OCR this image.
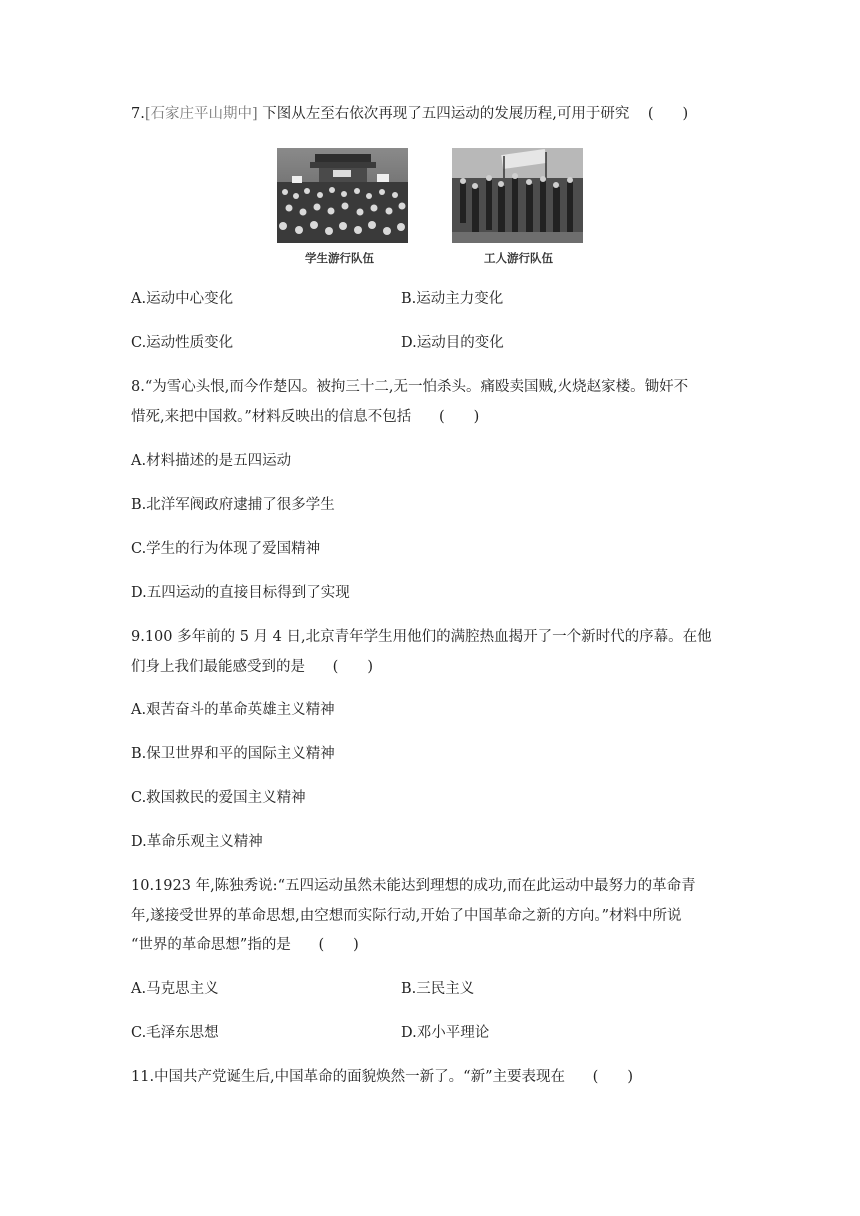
7.[石家庄平山期中] 下图从左至右依次再现了五四运动的发展历程,可用于研究 (　　)
学生游行队伍	工人游行队伍
A.运动中心变化	B.运动主力变化
C.运动性质变化	D.运动目的变化
8.“为雪心头恨,而今作楚囚。被拘三十二,无一怕杀头。痛殴卖国贼,火烧赵家楼。锄奸不
惜死,来把中国救。”材料反映出的信息不包括 (　　)
A.材料描述的是五四运动
B.北洋军阀政府逮捕了很多学生
C.学生的行为体现了爱国精神
D.五四运动的直接目标得到了实现
9.100 多年前的 5 月 4 日,北京青年学生用他们的满腔热血揭开了一个新时代的序幕。在他
们身上我们最能感受到的是 (　　)
A.艰苦奋斗的革命英雄主义精神
B.保卫世界和平的国际主义精神
C.救国救民的爱国主义精神
D.革命乐观主义精神
10.1923 年,陈独秀说:“五四运动虽然未能达到理想的成功,而在此运动中最努力的革命青
年,遂接受世界的革命思想,由空想而实际行动,开始了中国革命之新的方向。”材料中所说
“世界的革命思想”指的是 (　　)
A.马克思主义	B.三民主义
C.毛泽东思想	D.邓小平理论
11.中国共产党诞生后,中国革命的面貌焕然一新了。“新”主要表现在 (　　)
